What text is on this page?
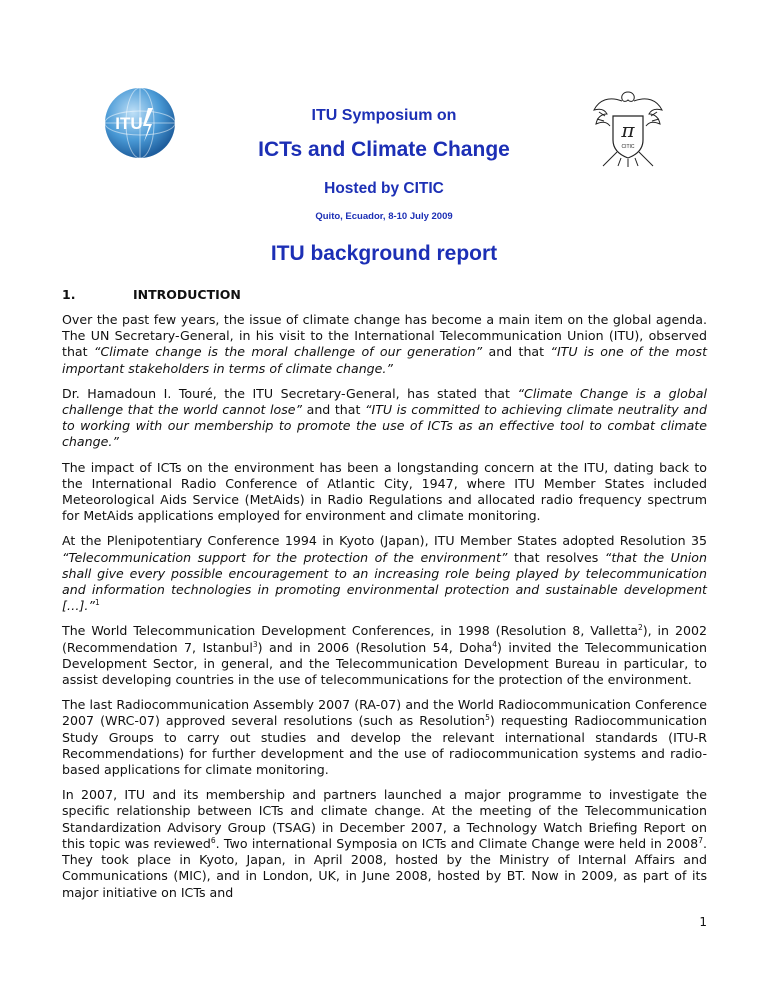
ITU	π
CITIC
ITU Symposium on
ICTs and Climate Change
Hosted by CITIC
Quito, Ecuador, 8-10 July 2009
ITU background report
1.	INTRODUCTION

Over the past few years, the issue of climate change has become a main item on the global agenda. The UN Secretary-General, in his visit to the International Telecommunication Union (ITU), observed that “Climate change is the moral challenge of our generation” and that “ITU is one of the most important stakeholders in terms of climate change.”

Dr. Hamadoun I. Touré, the ITU Secretary-General, has stated that “Climate Change is a global challenge that the world cannot lose” and that “ITU is committed to achieving climate neutrality and to working with our membership to promote the use of ICTs as an effective tool to combat climate change.”

The impact of ICTs on the environment has been a longstanding concern at the ITU, dating back to the International Radio Conference of Atlantic City, 1947, where ITU Member States included Meteorological Aids Service (MetAids) in Radio Regulations and allocated radio frequency spectrum for MetAids applications employed for environment and climate monitoring.

At the Plenipotentiary Conference 1994 in Kyoto (Japan), ITU Member States adopted Resolution 35 “Telecommunication support for the protection of the environment” that resolves “that the Union shall give every possible encouragement to an increasing role being played by telecommunication and information technologies in promoting environmental protection and sustainable development […].”$^1$

The World Telecommunication Development Conferences, in 1998 (Resolution 8, Valletta$^2$), in 2002 (Recommendation 7, Istanbul$^3$) and in 2006 (Resolution 54, Doha$^4$) invited the Telecommunication Development Sector, in general, and the Telecommunication Development Bureau in particular, to assist developing countries in the use of telecommunications for the protection of the environment.

The last Radiocommunication Assembly 2007 (RA-07) and the World Radiocommunication Conference 2007 (WRC-07) approved several resolutions (such as Resolution$^5$) requesting Radiocommunication Study Groups to carry out studies and develop the relevant international standards (ITU-R Recommendations) for further development and the use of radiocommunication systems and radio-based applications for climate monitoring.

In 2007, ITU and its membership and partners launched a major programme to investigate the specific relationship between ICTs and climate change. At the meeting of the Telecommunication Standardization Advisory Group (TSAG) in December 2007, a Technology Watch Briefing Report on this topic was reviewed$^6$. Two international Symposia on ICTs and Climate Change were held in 2008$^7$. They took place in Kyoto, Japan, in April 2008, hosted by the Ministry of Internal Affairs and Communications (MIC), and in London, UK, in June 2008, hosted by BT. Now in 2009, as part of its major initiative on ICTs and

1
